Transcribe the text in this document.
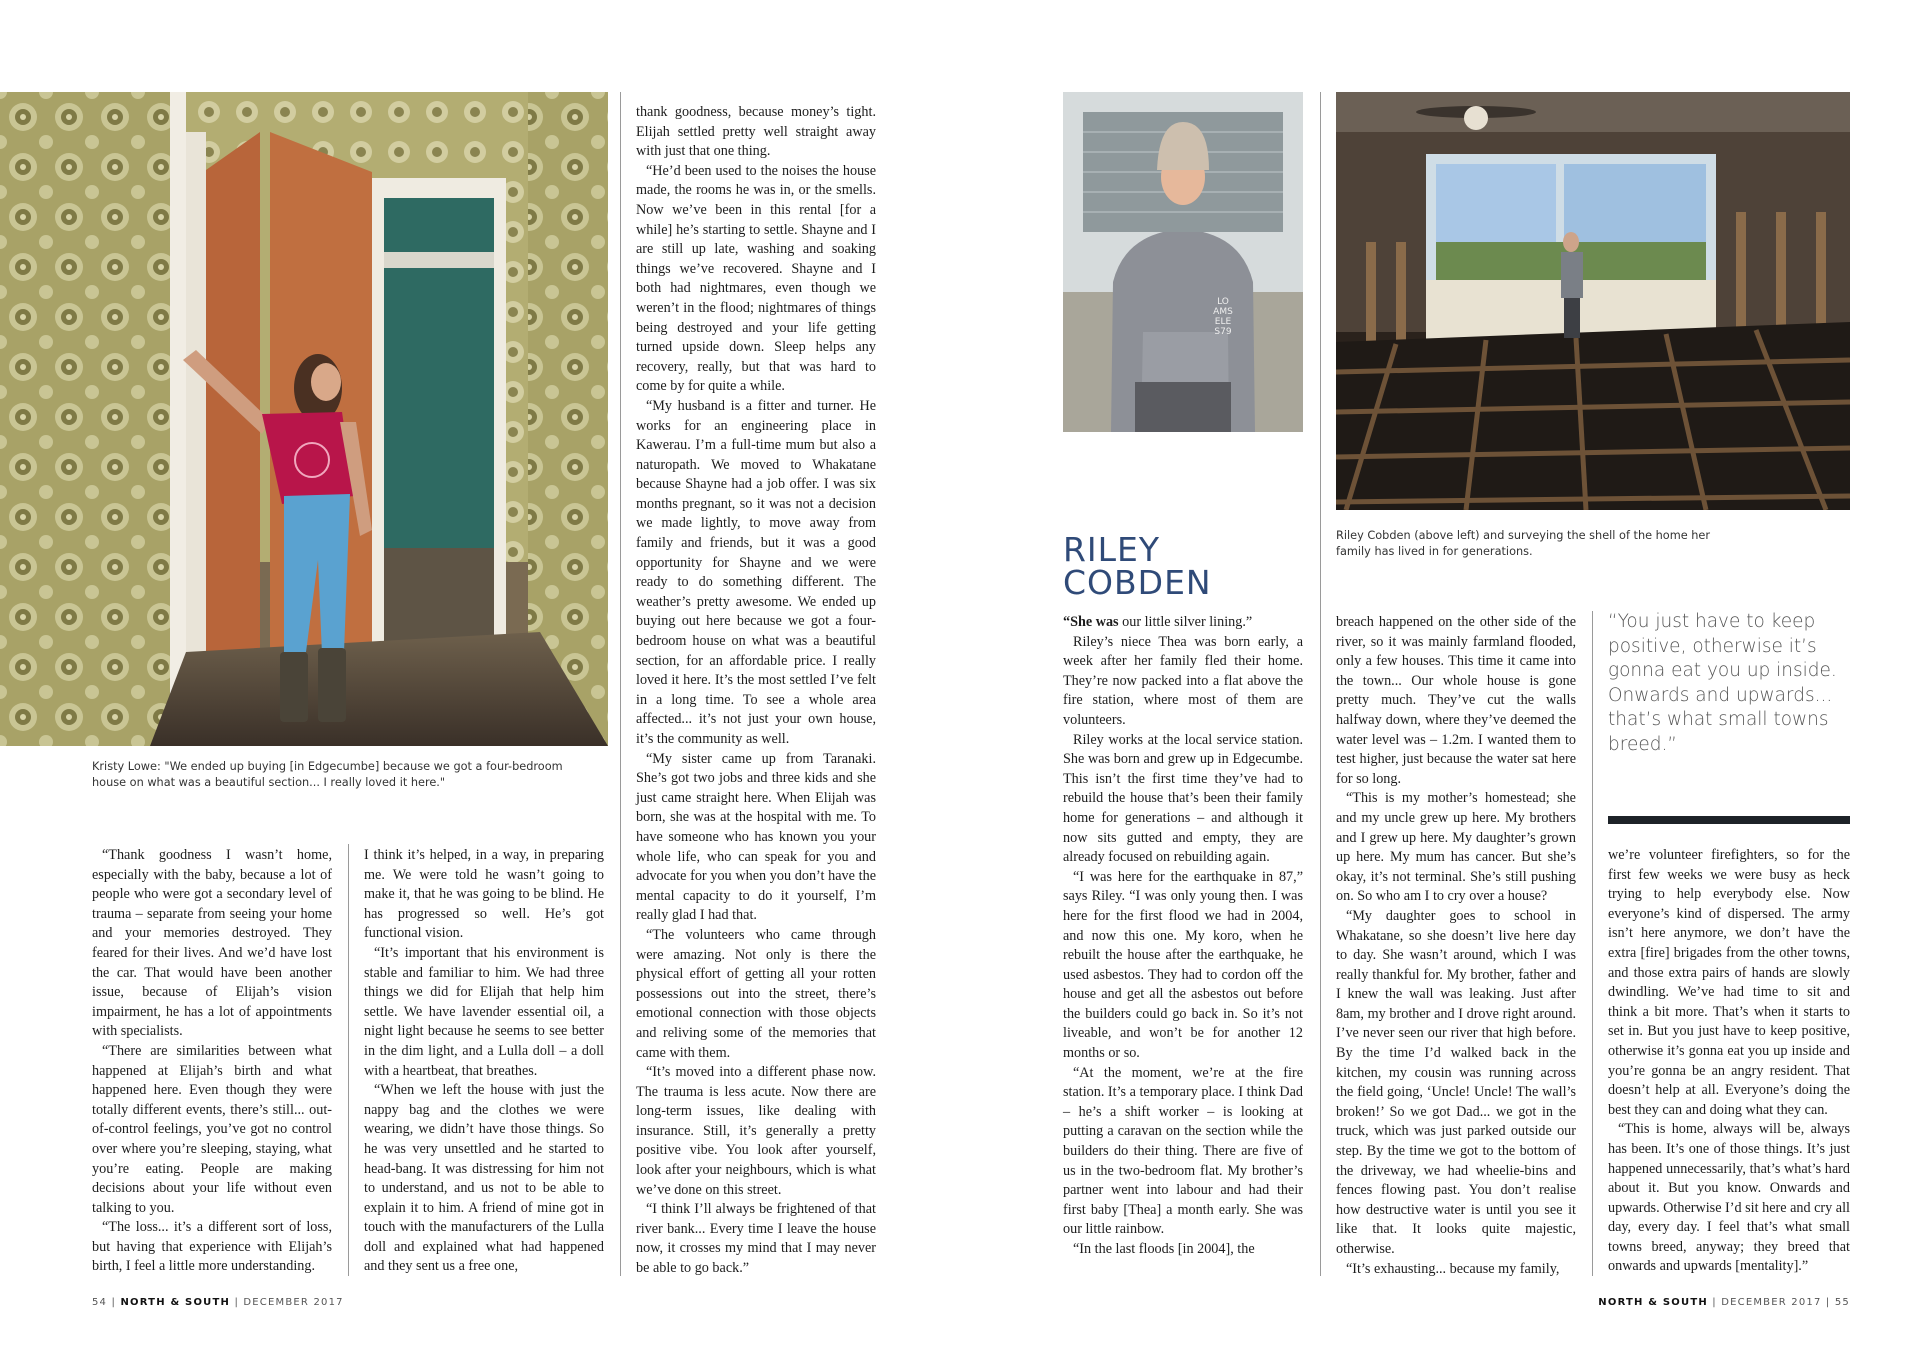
Kristy Lowe: "We ended up buying [in Edgecumbe] because we got a four-bedroom house on what was a beautiful section... I really loved it here."

“Thank goodness I wasn’t home, especially with the baby, because a lot of people who were got a secondary level of trauma – separate from seeing your home and your memories destroyed. They feared for their lives. And we’d have lost the car. That would have been another issue, because of Elijah’s vision impairment, he has a lot of appointments with specialists.

“There are similarities between what happened at Elijah’s birth and what happened here. Even though they were totally different events, there’s still... out-of-control feelings, you’ve got no control over where you’re sleeping, staying, what you’re eating. People are making decisions about your life without even talking to you.

“The loss... it’s a different sort of loss, but having that experience with Elijah’s birth, I feel a little more understanding.

I think it’s helped, in a way, in preparing me. We were told he wasn’t going to make it, that he was going to be blind. He has progressed so well. He’s got functional vision.

“It’s important that his environment is stable and familiar to him. We had three things we did for Elijah that help him settle. We have lavender essential oil, a night light because he seems to see better in the dim light, and a Lulla doll – a doll with a heartbeat, that breathes.

“When we left the house with just the nappy bag and the clothes we were wearing, we didn’t have those things. So he was very unsettled and he started to head-bang. It was distressing for him not to understand, and us not to be able to explain it to him. A friend of mine got in touch with the manufacturers of the Lulla doll and explained what had happened and they sent us a free one,

thank goodness, because money’s tight. Elijah settled pretty well straight away with just that one thing.

“He’d been used to the noises the house made, the rooms he was in, or the smells. Now we’ve been in this rental [for a while] he’s starting to settle. Shayne and I are still up late, washing and soaking things we’ve recovered. Shayne and I both had nightmares, even though we weren’t in the flood; nightmares of things being destroyed and your life getting turned upside down. Sleep helps any recovery, really, but that was hard to come by for quite a while.

“My husband is a fitter and turner. He works for an engineering place in Kawerau. I’m a full-time mum but also a naturopath. We moved to Whakatane because Shayne had a job offer. I was six months pregnant, so it was not a decision we made lightly, to move away from family and friends, but it was a good opportunity for Shayne and we were ready to do something different. The weather’s pretty awesome. We ended up buying out here because we got a four-bedroom house on what was a beautiful section, for an affordable price. I really loved it here. It’s the most settled I’ve felt in a long time. To see a whole area affected... it’s not just your own house, it’s the community as well.

“My sister came up from Taranaki. She’s got two jobs and three kids and she just came straight here. When Elijah was born, she was at the hospital with me. To have someone who has known you your whole life, who can speak for you and advocate for you when you don’t have the mental capacity to do it yourself, I’m really glad I had that.

“The volunteers who came through were amazing. Not only is there the physical effort of getting all your rotten possessions out into the street, there’s emotional connection with those objects and reliving some of the memories that came with them.

“It’s moved into a different phase now. The trauma is less acute. Now there are long-term issues, like dealing with insurance. Still, it’s generally a pretty positive vibe. You look after yourself, look after your neighbours, which is what we’ve done on this street.

“I think I’ll always be frightened of that river bank... Every time I leave the house now, it crosses my mind that I may never be able to go back.”

54 | NORTH & SOUTH | DECEMBER 2017
LO AMS ELE S79
Riley Cobden (above left) and surveying the shell of the home her family has lived in for generations.
RILEY
COBDEN

“She was our little silver lining.”

Riley’s niece Thea was born early, a week after her family fled their home. They’re now packed into a flat above the fire station, where most of them are volunteers.

Riley works at the local service station. She was born and grew up in Edgecumbe. This isn’t the first time they’ve had to rebuild the house that’s been their family home for generations – and although it now sits gutted and empty, they are already focused on rebuilding again.

“I was here for the earthquake in 87,” says Riley. “I was only young then. I was here for the first flood we had in 2004, and now this one. My koro, when he rebuilt the house after the earthquake, he used asbestos. They had to cordon off the house and get all the asbestos out before the builders could go back in. So it’s not liveable, and won’t be for another 12 months or so.

“At the moment, we’re at the fire station. It’s a temporary place. I think Dad – he’s a shift worker – is looking at putting a caravan on the section while the builders do their thing. There are five of us in the two-bedroom flat. My brother’s partner went into labour and had their first baby [Thea] a month early. She was our little rainbow.

“In the last floods [in 2004], the

breach happened on the other side of the river, so it was mainly farmland flooded, only a few houses. This time it came into the town... Our whole house is gone pretty much. They’ve cut the walls halfway down, where they’ve deemed the water level was – 1.2m. I wanted them to test higher, just because the water sat here for so long.

“This is my mother’s homestead; she and my uncle grew up here. My brothers and I grew up here. My daughter’s grown up here. My mum has cancer. But she’s okay, it’s not terminal. She’s still pushing on. So who am I to cry over a house?

“My daughter goes to school in Whakatane, so she doesn’t live here day to day. She wasn’t around, which I was really thankful for. My brother, father and I knew the wall was leaking. Just after 8am, my brother and I drove right around. I’ve never seen our river that high before. By the time I’d walked back in the kitchen, my cousin was running across the field going, ‘Uncle! Uncle! The wall’s broken!’ So we got Dad... we got in the truck, which was just parked outside our step. By the time we got to the bottom of the driveway, we had wheelie-bins and fences flowing past. You don’t realise how destructive water is until you see it like that. It looks quite majestic, otherwise.

“It’s exhausting... because my family,

“You just have to keep positive, otherwise it’s gonna eat you up inside. Onwards and upwards... that’s what small towns breed.”

we’re volunteer firefighters, so for the first few weeks we were busy as heck trying to help everybody else. Now everyone’s kind of dispersed. The army isn’t here anymore, we don’t have the extra [fire] brigades from the other towns, and those extra pairs of hands are slowly dwindling. We’ve had time to sit and think a bit more. That’s when it starts to set in. But you just have to keep positive, otherwise it’s gonna eat you up inside and you’re gonna be an angry resident. That doesn’t help at all. Everyone’s doing the best they can and doing what they can.

“This is home, always will be, always has been. It’s one of those things. It’s just happened unnecessarily, that’s what’s hard about it. But you know. Onwards and upwards. Otherwise I’d sit here and cry all day, every day. I feel that’s what small towns breed, anyway; they breed that onwards and upwards [mentality].”

NORTH & SOUTH | DECEMBER 2017 | 55
